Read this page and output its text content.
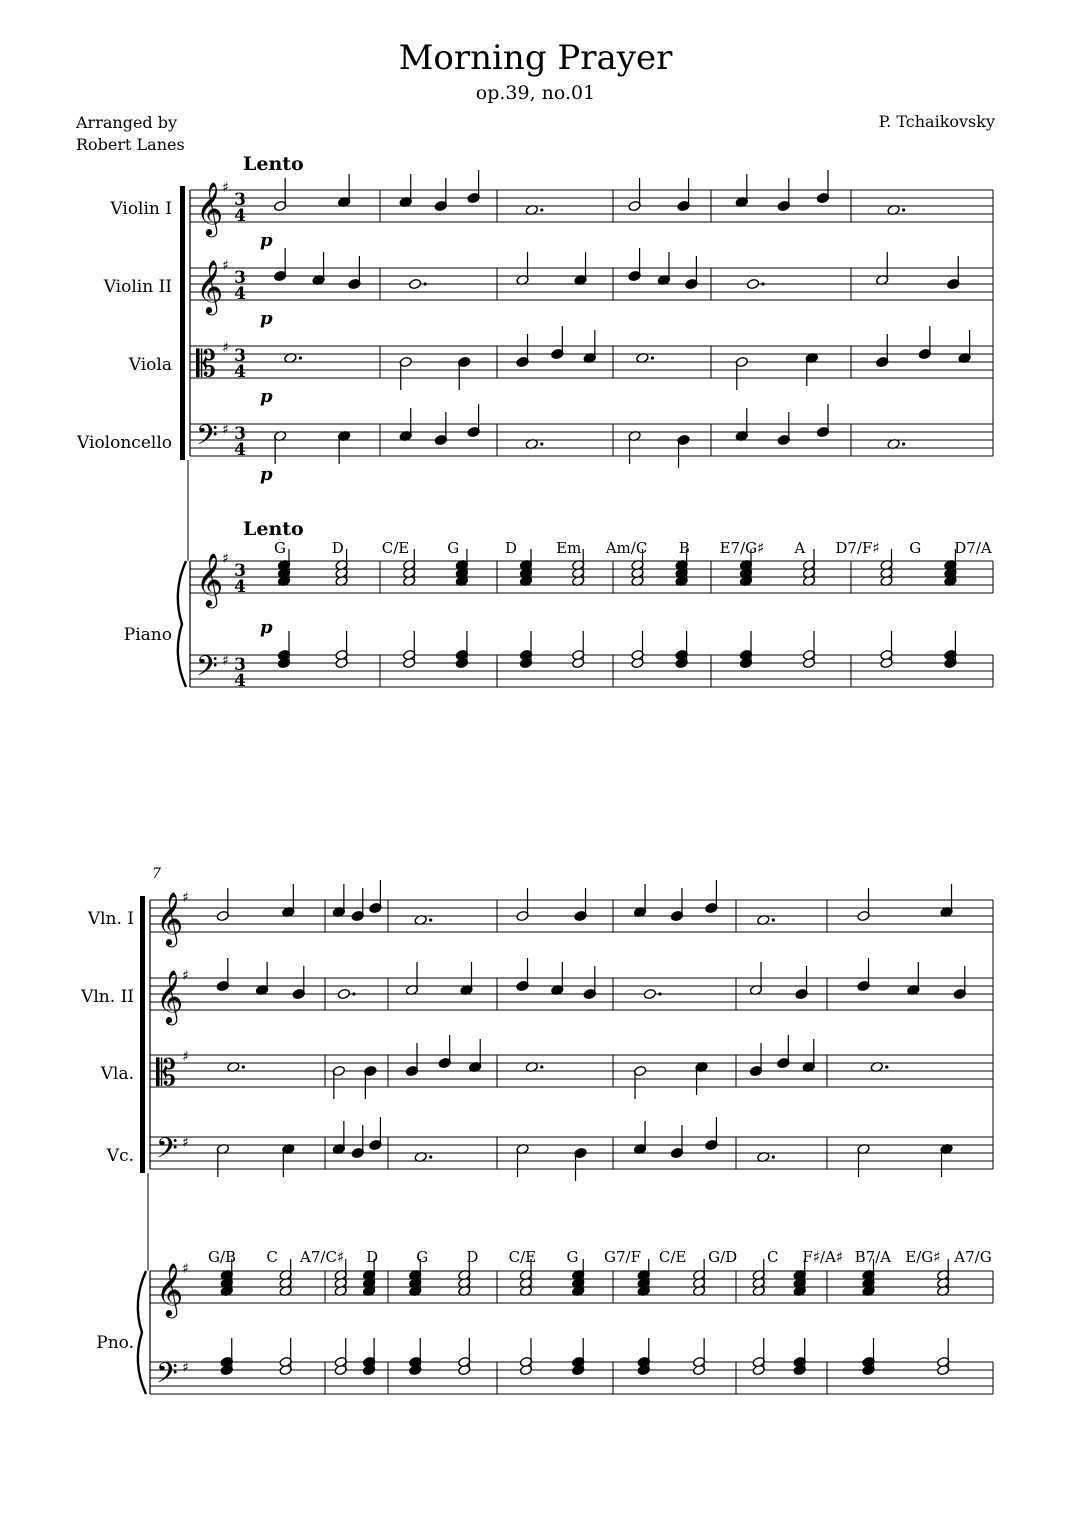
Morning Prayer
op.39, no.01
Arranged by
Robert Lanes
P. Tchaikovsky
Lento
Lento
Violin I 𝄞
♯
3
4
Violin II 𝄞
♯
3
4
Viola 𝄡 ♯ 3
4
Violoncello 𝄢 ♯ 3
4
𝄞
♯
3
4
𝄢 ♯ 3
4
Piano
G	D	C/E	G	D	Em Am/C B E7/G♯ A D7/F♯ G D7/A
p
p
p
p
p
7
Vln. I 𝄞
♯
Vln. II 𝄞
♯
Vla. 𝄡 ♯
Vc. 𝄢 ♯
𝄞
♯
𝄢 ♯
Pno.
G/B C A7/C♯ D	G	D C/E G G7/F C/E G/D C F♯/A♯ B7/A E/G♯ A7/G
